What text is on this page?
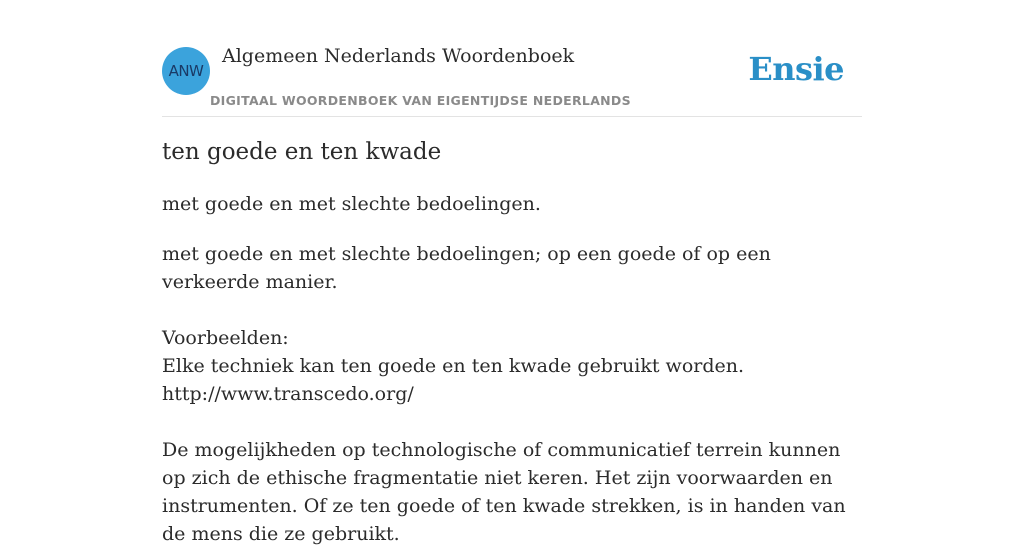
ANW
Algemeen Nederlands Woordenboek
DIGITAAL WOORDENBOEK VAN EIGENTIJDSE NEDERLANDS
Ensie
ten goede en ten kwade

met goede en met slechte bedoelingen.

met goede en met slechte bedoelingen; op een goede of op een verkeerde manier.

Voorbeelden:

Elke techniek kan ten goede en ten kwade gebruikt worden.

http://www.transcedo.org/

De mogelijkheden op technologische of communicatief terrein kunnen op zich de ethische fragmentatie niet keren. Het zijn voorwaarden en instrumenten. Of ze ten goede of ten kwade strekken, is in handen van de mens die ze gebruikt.
